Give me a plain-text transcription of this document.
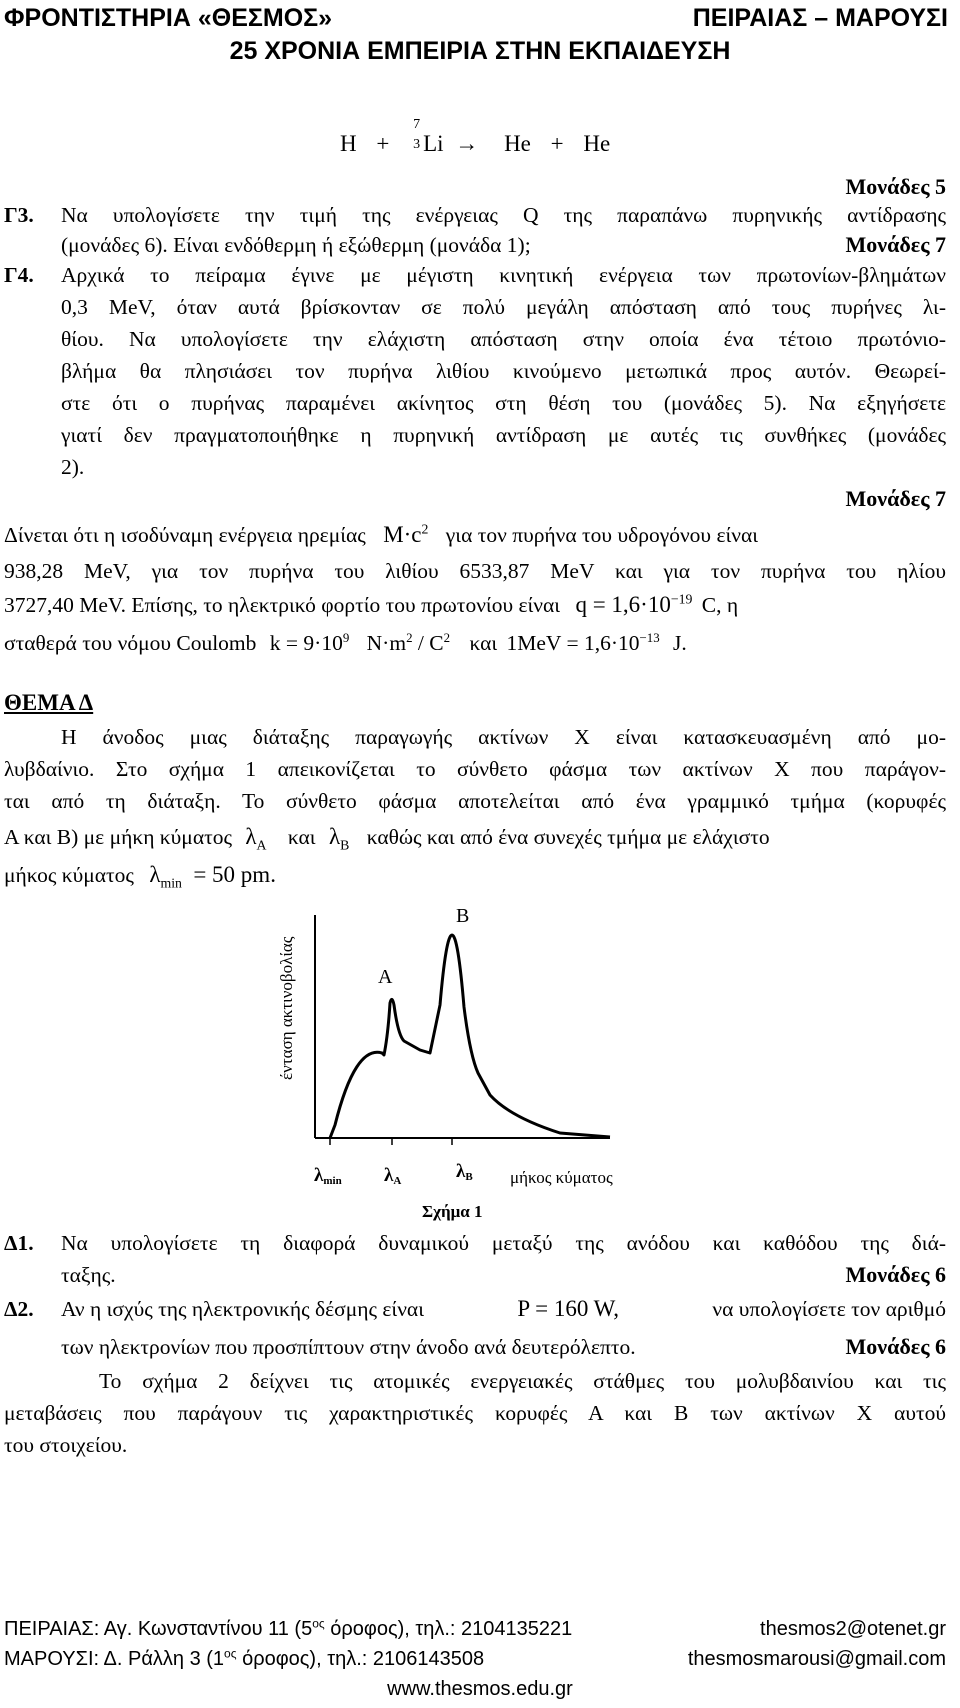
ΦΡΟΝΤΙΣΤΗΡΙΑ «ΘΕΣΜΟΣ»	ΠΕΙΡΑΙΑΣ – ΜΑΡΟΥΣΙ
25 ΧΡΟΝΙΑ ΕΜΠΕΙΡΙΑ ΣΤΗΝ ΕΚΠΑΙΔΕΥΣΗ
H +
7
3 Li → He + He
Μονάδες 5
Γ3. Να υπολογίσετε την τιμή της ενέργειας Q της παραπάνω πυρηνικής αντίδρασης
(μονάδες 6). Είναι ενδόθερμη ή εξώθερμη (μονάδα 1);	Μονάδες 7
Γ4. Αρχικά το πείραμα έγινε με μέγιστη κινητική ενέργεια των πρωτονίων-βλημάτων
0,3 MeV, όταν αυτά βρίσκονταν σε πολύ μεγάλη απόσταση από τους πυρήνες λι-
θίου. Να υπολογίσετε την ελάχιστη απόσταση στην οποία ένα τέτοιο πρωτόνιο-
βλήμα θα πλησιάσει τον πυρήνα λιθίου κινούμενο μετωπικά προς αυτόν. Θεωρεί-
στε ότι ο πυρήνας παραμένει ακίνητος στη θέση του (μονάδες 5). Να εξηγήσετε
γιατί δεν πραγματοποιήθηκε η πυρηνική αντίδραση με αυτές τις συνθήκες (μονάδες
2).
Μονάδες 7
Δίνεται ότι η ισοδύναμη ενέργεια ηρεμίας $M\cdot c^2$ για τον πυρήνα του υδρογόνου είναι
938,28 MeV, για τον πυρήνα του λιθίου 6533,87 MeV και για τον πυρήνα του ηλίου
3727,40 MeV. Επίσης, το ηλεκτρικό φορτίο του πρωτονίου είναι $q = 1,6\cdot 10^{-19}$ C, η
σταθερά του νόμου Coulomb $k = 9\cdot 10^9$ $N\cdot m^2 / C^2$ και $1MeV = 1,6\cdot 10^{-13}$ J.
ΘΕΜΑ Δ
Η άνοδος μιας διάταξης παραγωγής ακτίνων Χ είναι κατασκευασμένη από μο-
λυβδαίνιο. Στο σχήμα 1 απεικονίζεται το σύνθετο φάσμα των ακτίνων Χ που παράγον-
ται από τη διάταξη. Το σύνθετο φάσμα αποτελείται από ένα γραμμικό τμήμα (κορυφές
Α και Β) με μήκη κύματος $\lambda_A$ και $\lambda_B$ καθώς και από ένα συνεχές τμήμα με ελάχιστο
μήκος κύματος $\lambda_{min} = 50$ pm.
ένταση ακτινοβολίας	A
B
λmin λA	λB μήκος κύματος
Σχήμα 1
Δ1. Να υπολογίσετε τη διαφορά δυναμικού μεταξύ της ανόδου και καθόδου της διά-
ταξης.	Μονάδες 6
Δ2. Αν η ισχύς της ηλεκτρονικής δέσμης είναι	P = 160 W,	να υπολογίσετε τον αριθμό
των ηλεκτρονίων που προσπίπτουν στην άνοδο ανά δευτερόλεπτο.	Μονάδες 6
Το σχήμα 2 δείχνει τις ατομικές ενεργειακές στάθμες του μολυβδαινίου και τις
μεταβάσεις που παράγουν τις χαρακτηριστικές κορυφές Α και Β των ακτίνων Χ αυτού
του στοιχείου.
ΠΕΙΡΑΙΑΣ: Αγ. Κωνσταντίνου 11 ($5^{o\varsigma}$ όροφος), τηλ.: 2104135221	thesmos2@otenet.gr
ΜΑΡΟΥΣΙ: Δ. Ράλλη 3 ($1^{o\varsigma}$ όροφος), τηλ.: 2106143508	thesmosmarousi@gmail.com
www.thesmos.edu.gr
